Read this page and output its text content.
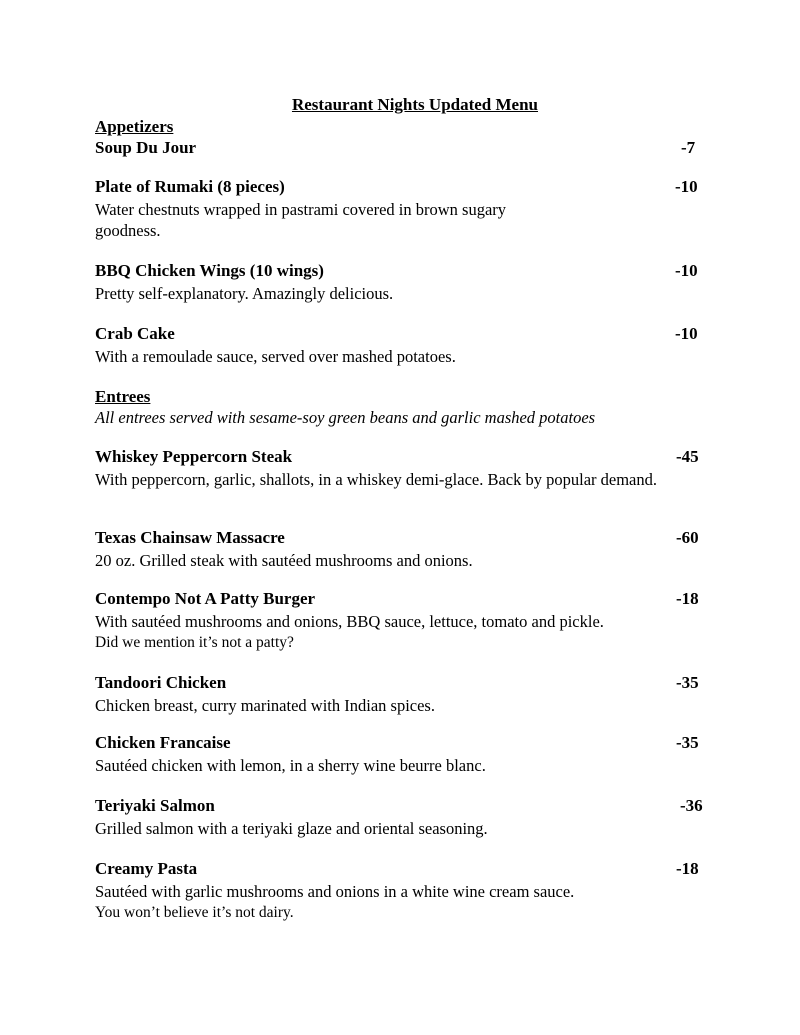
Restaurant Nights Updated Menu
Appetizers
Soup Du Jour	-7
Plate of Rumaki (8 pieces)	-10
Water chestnuts wrapped in pastrami covered in brown sugary goodness.
BBQ Chicken Wings (10 wings)	-10
Pretty self-explanatory. Amazingly delicious.
Crab Cake	-10
With a remoulade sauce, served over mashed potatoes.
Entrees
All entrees served with sesame-soy green beans and garlic mashed potatoes
Whiskey Peppercorn Steak	-45
With peppercorn, garlic, shallots, in a whiskey demi-glace. Back by popular demand.
Texas Chainsaw Massacre	-60
20 oz. Grilled steak with sautéed mushrooms and onions.
Contempo Not A Patty Burger	-18
With sautéed mushrooms and onions, BBQ sauce, lettuce, tomato and pickle.
Did we mention it’s not a patty?
Tandoori Chicken	-35
Chicken breast, curry marinated with Indian spices.
Chicken Francaise	-35
Sautéed chicken with lemon, in a sherry wine beurre blanc.
Teriyaki Salmon	-36
Grilled salmon with a teriyaki glaze and oriental seasoning.
Creamy Pasta	-18
Sautéed with garlic mushrooms and onions in a white wine cream sauce.
You won’t believe it’s not dairy.
